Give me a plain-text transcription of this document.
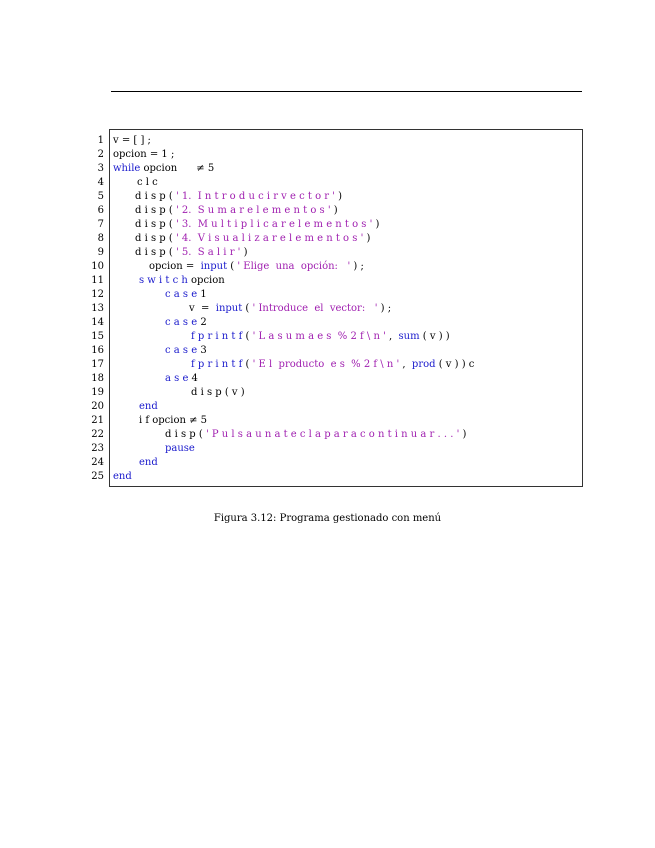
1 v = [ ] ;
2 opcion = 1 ;
3 while opcion      ≠ 5
4	c l c
5	d i s p ( ' 1.  I n t r o d u c i r v e c t o r ' )
6	d i s p ( ' 2.  S u m a r e l e m e n t o s ' )
7	d i s p ( ' 3.  M u l t i p l i c a r e l e m e n t o s ' )
8	d i s p ( ' 4.  V i s u a l i z a r e l e m e n t o s ' )
9	d i s p ( ' 5.  S a l i r ' )
10	opcion =  input ( ' Elige  una  opción:   ' ) ;
11	s w i t c h opcion
12	c a s e 1
13	v  =  input ( ' Introduce  el  vector:   ' ) ;
14	c a s e 2
15	f p r i n t f ( ' L a s u m a e s  % 2 f \ n ' ,  sum ( v ) )
16	c a s e 3
17	f p r i n t f ( ' E l  producto  e s  % 2 f \ n ' ,  prod ( v ) ) c
18	a s e 4
19	d i s p ( v )
20	end
21	i f opcion ≠ 5
22	d i s p ( ' P u l s a u n a t e c l a p a r a c o n t i n u a r . . . ' )
23	pause
24	end
25 end
Figura 3.12: Programa gestionado con menú
